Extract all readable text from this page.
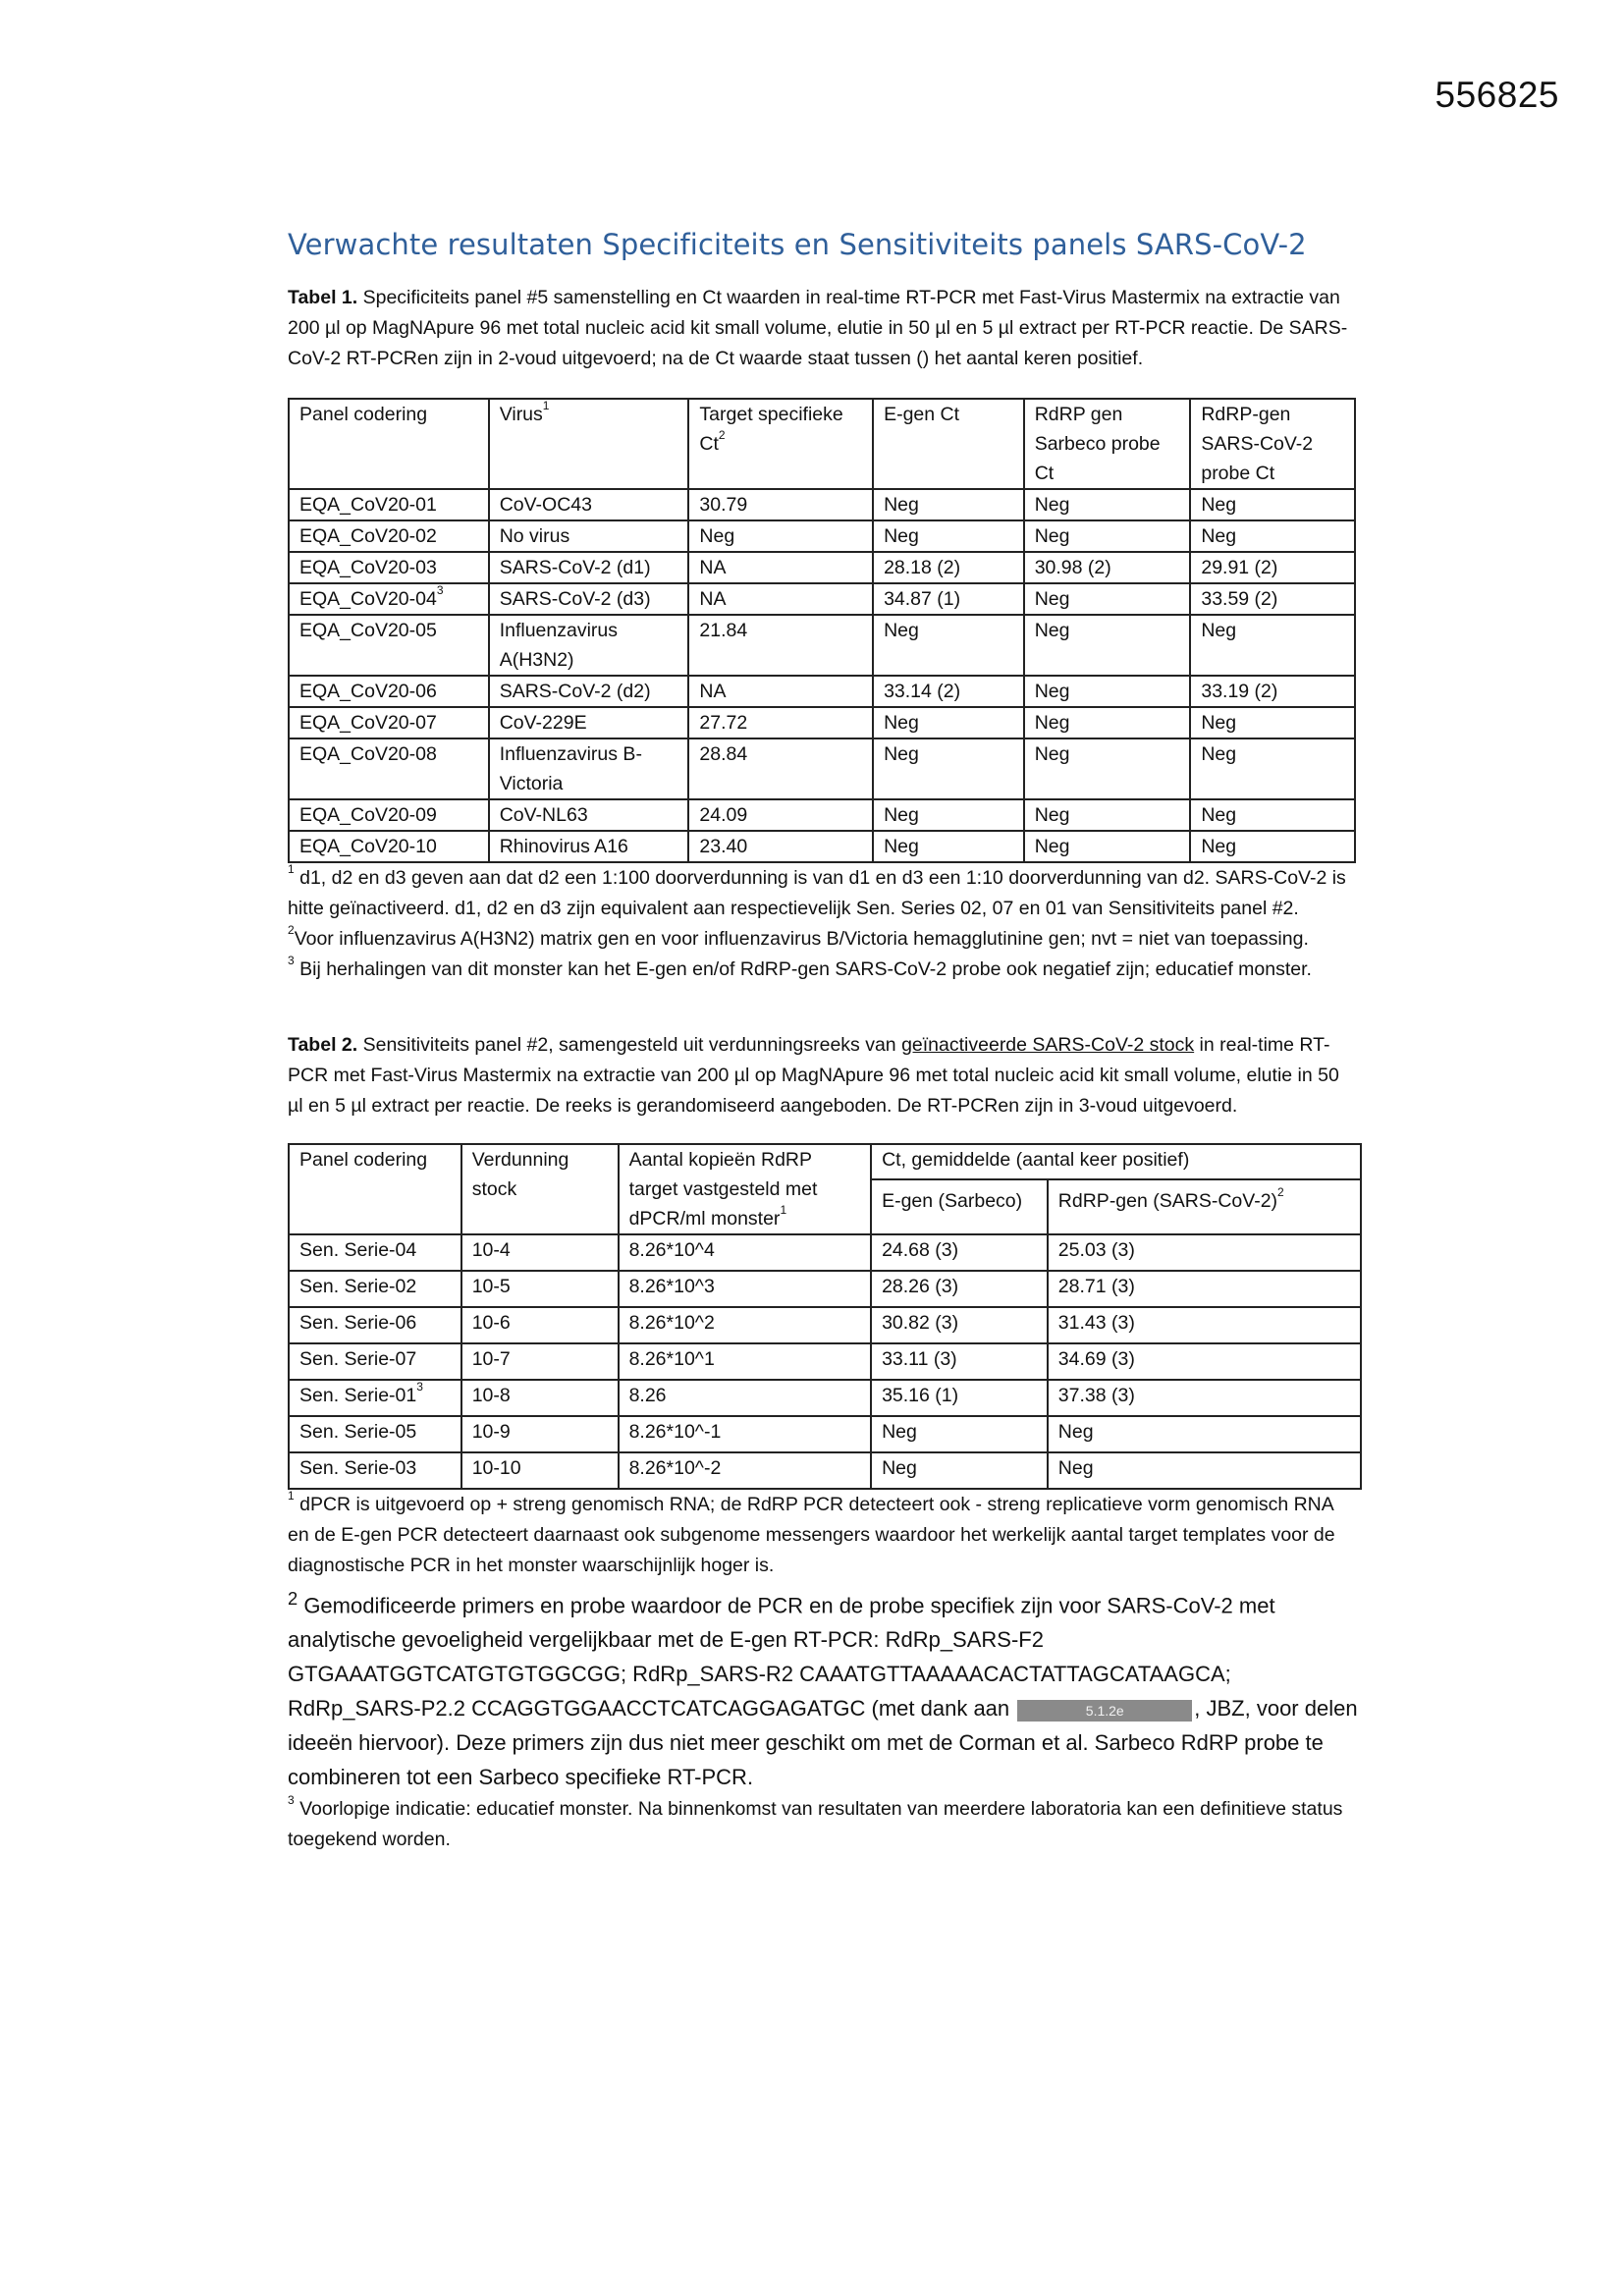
556825
Verwachte resultaten Specificiteits en Sensitiviteits panels SARS-CoV-2

Tabel 1. Specificiteits panel #5 samenstelling en Ct waarden in real-time RT-PCR met Fast-Virus Mastermix na extractie van 200 µl op MagNApure 96 met total nucleic acid kit small volume, elutie in 50 µl en 5 µl extract per RT-PCR reactie. De SARS-CoV-2 RT-PCRen zijn in 2-voud uitgevoerd; na de Ct waarde staat tussen () het aantal keren positief.

Panel codering	Virus$^1$	Target specifieke Ct$^2$	E-gen Ct	RdRP gen Sarbeco probe Ct	RdRP-gen SARS-CoV-2 probe Ct
EQA_CoV20-01	CoV-OC43	30.79	Neg	Neg	Neg
EQA_CoV20-02	No virus	Neg	Neg	Neg	Neg
EQA_CoV20-03	SARS-CoV-2 (d1)	NA	28.18 (2)	30.98 (2)	29.91 (2)
$EQA\_CoV20-04^3$	SARS-CoV-2 (d3)	NA	34.87 (1)	Neg	33.59 (2)
EQA_CoV20-05	Influenzavirus A(H3N2)	21.84	Neg	Neg	Neg
EQA_CoV20-06	SARS-CoV-2 (d2)	NA	33.14 (2)	Neg	33.19 (2)
EQA_CoV20-07	CoV-229E	27.72	Neg	Neg	Neg
EQA_CoV20-08	Influenzavirus B-Victoria	28.84	Neg	Neg	Neg
EQA_CoV20-09	CoV-NL63	24.09	Neg	Neg	Neg
EQA_CoV20-10	Rhinovirus A16	23.40	Neg	Neg	Neg

$^1$ d1, d2 en d3 geven aan dat d2 een 1:100 doorverdunning is van d1 en d3 een 1:10 doorverdunning van d2. SARS-CoV-2 is hitte geïnactiveerd. d1, d2 en d3 zijn equivalent aan respectievelijk Sen. Series 02, 07 en 01 van Sensitiviteits panel #2.

$^2$Voor influenzavirus A(H3N2) matrix gen en voor influenzavirus B/Victoria hemagglutinine gen; nvt = niet van toepassing.

$^3$ Bij herhalingen van dit monster kan het E-gen en/of RdRP-gen SARS-CoV-2 probe ook negatief zijn; educatief monster.

Tabel 2. Sensitiviteits panel #2, samengesteld uit verdunningsreeks van geïnactiveerde SARS-CoV-2 stock in real-time RT-PCR met Fast-Virus Mastermix na extractie van 200 µl op MagNApure 96 met total nucleic acid kit small volume, elutie in 50 µl en 5 µl extract per reactie. De reeks is gerandomiseerd aangeboden. De RT-PCRen zijn in 3-voud uitgevoerd.

Panel codering	Verdunning stock	Aantal kopieën RdRP target vastgesteld met dPCR/ml monster$^1$	Ct, gemiddelde (aantal keer positief)	
			E-gen (Sarbeco)	RdRP-gen (SARS-CoV-2)$^2$
Sen. Serie-04	10-4	8.26*10^4	24.68 (3)	25.03 (3)
Sen. Serie-02	10-5	8.26*10^3	28.26 (3)	28.71 (3)
Sen. Serie-06	10-6	8.26*10^2	30.82 (3)	31.43 (3)
Sen. Serie-07	10-7	8.26*10^1	33.11 (3)	34.69 (3)
Sen. Serie-$01^3$	10-8	8.26	35.16 (1)	37.38 (3)
Sen. Serie-05	10-9	8.26*10^-1	Neg	Neg
Sen. Serie-03	10-10	8.26*10^-2	Neg	Neg

$^1$ dPCR is uitgevoerd op + streng genomisch RNA; de RdRP PCR detecteert ook - streng replicatieve vorm genomisch RNA en de E-gen PCR detecteert daarnaast ook subgenome messengers waardoor het werkelijk aantal target templates voor de diagnostische PCR in het monster waarschijnlijk hoger is.

$^2$ Gemodificeerde primers en probe waardoor de PCR en de probe specifiek zijn voor SARS-CoV-2 met analytische gevoeligheid vergelijkbaar met de E-gen RT-PCR: RdRp_SARS-F2 GTGAAATGGTCATGTGTGGCGG; RdRp_SARS-R2 CAAATGTTAAAAACACTATTAGCATAAGCA; RdRp_SARS-P2.2 CCAGGTGGAACCTCATCAGGAGATGC (met dank aan	5.1.2e	, JBZ, voor delen ideeën hiervoor). Deze primers zijn dus niet meer geschikt om met de Corman et al. Sarbeco RdRP probe te combineren tot een Sarbeco specifieke RT-PCR.

$^3$ Voorlopige indicatie: educatief monster. Na binnenkomst van resultaten van meerdere laboratoria kan een definitieve status toegekend worden.
